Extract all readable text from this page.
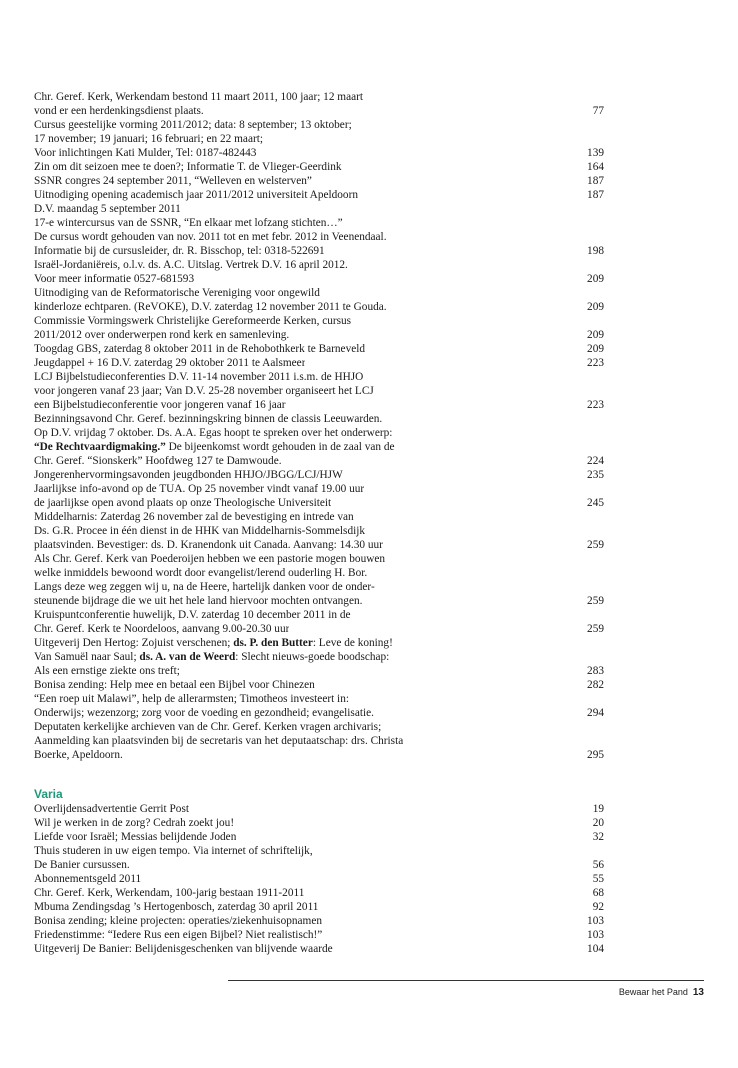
Chr. Geref. Kerk, Werkendam bestond 11 maart 2011, 100 jaar; 12 maart
vond er een herdenkingsdienst plaats.	77
Cursus geestelijke vorming 2011/2012; data: 8 september; 13 oktober;
17 november; 19 januari; 16 februari; en 22 maart;
Voor inlichtingen Kati Mulder, Tel: 0187-482443	139
Zin om dit seizoen mee te doen?; Informatie T. de Vlieger-Geerdink	164
SSNR congres 24 september 2011, “Welleven en welsterven”	187
Uitnodiging opening academisch jaar 2011/2012 universiteit Apeldoorn	187
D.V. maandag 5 september 2011
17-e wintercursus van de SSNR, “En elkaar met lofzang stichten…”
De cursus wordt gehouden van nov. 2011 tot en met febr. 2012 in Veenendaal.
Informatie bij de cursusleider, dr. R. Bisschop, tel: 0318-522691	198
Israël-Jordaniëreis, o.l.v. ds. A.C. Uitslag. Vertrek D.V. 16 april 2012.
Voor meer informatie 0527-681593	209
Uitnodiging van de Reformatorische Vereniging voor ongewild
kinderloze echtparen. (ReVOKE), D.V. zaterdag 12 november 2011 te Gouda.	209
Commissie Vormingswerk Christelijke Gereformeerde Kerken, cursus
2011/2012 over onderwerpen rond kerk en samenleving.	209
Toogdag GBS, zaterdag 8 oktober 2011 in de Rehobothkerk te Barneveld	209
Jeugdappel + 16 D.V. zaterdag 29 oktober 2011 te Aalsmeer	223
LCJ Bijbelstudieconferenties D.V. 11-14 november 2011 i.s.m. de HHJO
voor jongeren vanaf 23 jaar; Van D.V. 25-28 november organiseert het LCJ
een Bijbelstudieconferentie voor jongeren vanaf 16 jaar	223
Bezinningsavond Chr. Geref. bezinningskring binnen de classis Leeuwarden.
Op D.V. vrijdag 7 oktober. Ds. A.A. Egas hoopt te spreken over het onderwerp:
“De Rechtvaardigmaking.” De bijeenkomst wordt gehouden in de zaal van de
Chr. Geref. “Sionskerk” Hoofdweg 127 te Damwoude.	224
Jongerenhervormingsavonden jeugdbonden HHJO/JBGG/LCJ/HJW	235
Jaarlijkse info-avond op de TUA. Op 25 november vindt vanaf 19.00 uur
de jaarlijkse open avond plaats op onze Theologische Universiteit	245
Middelharnis: Zaterdag 26 november zal de bevestiging en intrede van
Ds. G.R. Procee in één dienst in de HHK van Middelharnis-Sommelsdijk
plaatsvinden. Bevestiger: ds. D. Kranendonk uit Canada. Aanvang: 14.30 uur	259
Als Chr. Geref. Kerk van Poederoijen hebben we een pastorie mogen bouwen
welke inmiddels bewoond wordt door evangelist/lerend ouderling H. Bor.
Langs deze weg zeggen wij u, na de Heere, hartelijk danken voor de onder-
steunende bijdrage die we uit het hele land hiervoor mochten ontvangen.	259
Kruispuntconferentie huwelijk, D.V. zaterdag 10 december 2011 in de
Chr. Geref. Kerk te Noordeloos, aanvang 9.00-20.30 uur	259
Uitgeverij Den Hertog: Zojuist verschenen; ds. P. den Butter: Leve de koning!
Van Samuël naar Saul; ds. A. van de Weerd: Slecht nieuws-goede boodschap:
Als een ernstige ziekte ons treft;	283
Bonisa zending: Help mee en betaal een Bijbel voor Chinezen	282
“Een roep uit Malawi”, help de allerarmsten; Timotheos investeert in:
Onderwijs; wezenzorg; zorg voor de voeding en gezondheid; evangelisatie.	294
Deputaten kerkelijke archieven van de Chr. Geref. Kerken vragen archivaris;
Aanmelding kan plaatsvinden bij de secretaris van het deputaatschap: drs. Christa
Boerke, Apeldoorn.	295
Varia
Overlijdensadvertentie Gerrit Post	19
Wil je werken in de zorg? Cedrah zoekt jou!	20
Liefde voor Israël; Messias belijdende Joden	32
Thuis studeren in uw eigen tempo. Via internet of schriftelijk,
De Banier cursussen.	56
Abonnementsgeld 2011	55
Chr. Geref. Kerk, Werkendam, 100-jarig bestaan 1911-2011	68
Mbuma Zendingsdag ’s Hertogenbosch, zaterdag 30 april 2011	92
Bonisa zending; kleine projecten: operaties/ziekenhuisopnamen	103
Friedenstimme: “Iedere Rus een eigen Bijbel? Niet realistisch!”	103
Uitgeverij De Banier: Belijdenisgeschenken van blijvende waarde	104
Bewaar het Pand 13
